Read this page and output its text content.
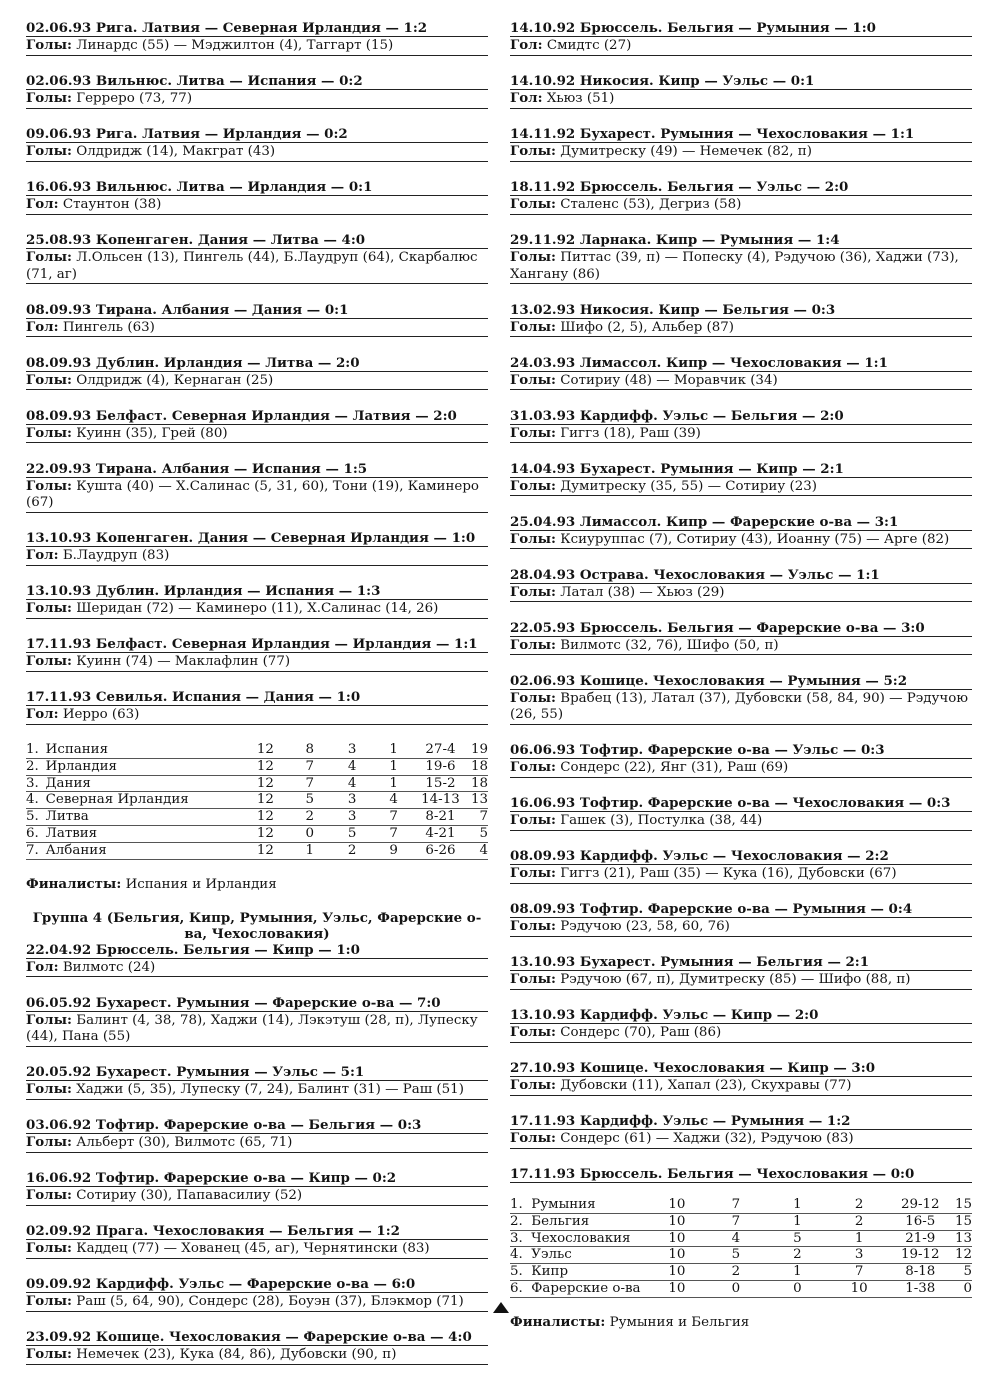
02.06.93 Рига. Латвия — Северная Ирландия — 1:2
Голы: Линардс (55) — Мэджилтон (4), Таггарт (15)
02.06.93 Вильнюс. Литва — Испания — 0:2
Голы: Герреро (73, 77)
09.06.93 Рига. Латвия — Ирландия — 0:2
Голы: Олдридж (14), Макграт (43)
16.06.93 Вильнюс. Литва — Ирландия — 0:1
Гол: Стаунтон (38)
25.08.93 Копенгаген. Дания — Литва — 4:0
Голы: Л.Ольсен (13), Пингель (44), Б.Лаудруп (64), Скарбалюс (71, аг)
08.09.93 Тирана. Албания — Дания — 0:1
Гол: Пингель (63)
08.09.93 Дублин. Ирландия — Литва — 2:0
Голы: Олдридж (4), Кернаган (25)
08.09.93 Белфаст. Северная Ирландия — Латвия — 2:0
Голы: Куинн (35), Грей (80)
22.09.93 Тирана. Албания — Испания — 1:5
Голы: Кушта (40) — Х.Салинас (5, 31, 60), Тони (19), Каминеро (67)
13.10.93 Копенгаген. Дания — Северная Ирландия — 1:0
Гол: Б.Лаудруп (83)
13.10.93 Дублин. Ирландия — Испания — 1:3
Голы: Шеридан (72) — Каминеро (11), Х.Салинас (14, 26)
17.11.93 Белфаст. Северная Ирландия — Ирландия — 1:1
Голы: Куинн (74) — Маклафлин (77)
17.11.93 Севилья. Испания — Дания — 1:0
Гол: Иерро (63)
1.	Испания	12	8	3	1	27-4	19
2.	Ирландия	12	7	4	1	19-6	18
3.	Дания	12	7	4	1	15-2	18
4.	Северная Ирландия	12	5	3	4	14-13	13
5.	Литва	12	2	3	7	8-21	7
6.	Латвия	12	0	5	7	4-21	5
7.	Албания	12	1	2	9	6-26	4
Финалисты: Испания и Ирландия
Группа 4 (Бельгия, Кипр, Румыния, Уэльс, Фарерские о-ва, Чехословакия)
22.04.92 Брюссель. Бельгия — Кипр — 1:0
Гол: Вилмотс (24)
06.05.92 Бухарест. Румыния — Фарерские о-ва — 7:0
Голы: Балинт (4, 38, 78), Хаджи (14), Лэкэтуш (28, п), Лупеску (44), Пана (55)
20.05.92 Бухарест. Румыния — Уэльс — 5:1
Голы: Хаджи (5, 35), Лупеску (7, 24), Балинт (31) — Раш (51)
03.06.92 Тофтир. Фарерские о-ва — Бельгия — 0:3
Голы: Альберт (30), Вилмотс (65, 71)
16.06.92 Тофтир. Фарерские о-ва — Кипр — 0:2
Голы: Сотириу (30), Папавасилиу (52)
02.09.92 Прага. Чехословакия — Бельгия — 1:2
Голы: Каддец (77) — Хованец (45, аг), Чернятински (83)
09.09.92 Кардифф. Уэльс — Фарерские о-ва — 6:0
Голы: Раш (5, 64, 90), Сондерс (28), Боуэн (37), Блэкмор (71)
23.09.92 Кошице. Чехословакия — Фарерские о-ва — 4:0
Голы: Немечек (23), Кука (84, 86), Дубовски (90, п)
14.10.92 Брюссель. Бельгия — Румыния — 1:0
Гол: Смидтс (27)
14.10.92 Никосия. Кипр — Уэльс — 0:1
Гол: Хьюз (51)
14.11.92 Бухарест. Румыния — Чехословакия — 1:1
Голы: Думитреску (49) — Немечек (82, п)
18.11.92 Брюссель. Бельгия — Уэльс — 2:0
Голы: Сталенс (53), Дегриз (58)
29.11.92 Ларнака. Кипр — Румыния — 1:4
Голы: Питтас (39, п) — Попеску (4), Рэдучою (36), Хаджи (73), Хангану (86)
13.02.93 Никосия. Кипр — Бельгия — 0:3
Голы: Шифо (2, 5), Альбер (87)
24.03.93 Лимассол. Кипр — Чехословакия — 1:1
Голы: Сотириу (48) — Моравчик (34)
31.03.93 Кардифф. Уэльс — Бельгия — 2:0
Голы: Гиггз (18), Раш (39)
14.04.93 Бухарест. Румыния — Кипр — 2:1
Голы: Думитреску (35, 55) — Сотириу (23)
25.04.93 Лимассол. Кипр — Фарерские о-ва — 3:1
Голы: Ксиуруппас (7), Сотириу (43), Иоанну (75) — Арге (82)
28.04.93 Острава. Чехословакия — Уэльс — 1:1
Голы: Латал (38) — Хьюз (29)
22.05.93 Брюссель. Бельгия — Фарерские о-ва — 3:0
Голы: Вилмотс (32, 76), Шифо (50, п)
02.06.93 Кошице. Чехословакия — Румыния — 5:2
Голы: Врабец (13), Латал (37), Дубовски (58, 84, 90) — Рэдучою (26, 55)
06.06.93 Тофтир. Фарерские о-ва — Уэльс — 0:3
Голы: Сондерс (22), Янг (31), Раш (69)
16.06.93 Тофтир. Фарерские о-ва — Чехословакия — 0:3
Голы: Гашек (3), Постулка (38, 44)
08.09.93 Кардифф. Уэльс — Чехословакия — 2:2
Голы: Гиггз (21), Раш (35) — Кука (16), Дубовски (67)
08.09.93 Тофтир. Фарерские о-ва — Румыния — 0:4
Голы: Рэдучою (23, 58, 60, 76)
13.10.93 Бухарест. Румыния — Бельгия — 2:1
Голы: Рэдучою (67, п), Думитреску (85) — Шифо (88, п)
13.10.93 Кардифф. Уэльс — Кипр — 2:0
Голы: Сондерс (70), Раш (86)
27.10.93 Кошице. Чехословакия — Кипр — 3:0
Голы: Дубовски (11), Хапал (23), Скухравы (77)
17.11.93 Кардифф. Уэльс — Румыния — 1:2
Голы: Сондерс (61) — Хаджи (32), Рэдучою (83)
17.11.93 Брюссель. Бельгия — Чехословакия — 0:0
1.	Румыния	10	7	1	2	29-12	15
2.	Бельгия	10	7	1	2	16-5	15
3.	Чехословакия	10	4	5	1	21-9	13
4.	Уэльс	10	5	2	3	19-12	12
5.	Кипр	10	2	1	7	8-18	5
6.	Фарерские о-ва	10	0	0	10	1-38	0
Финалисты: Румыния и Бельгия
